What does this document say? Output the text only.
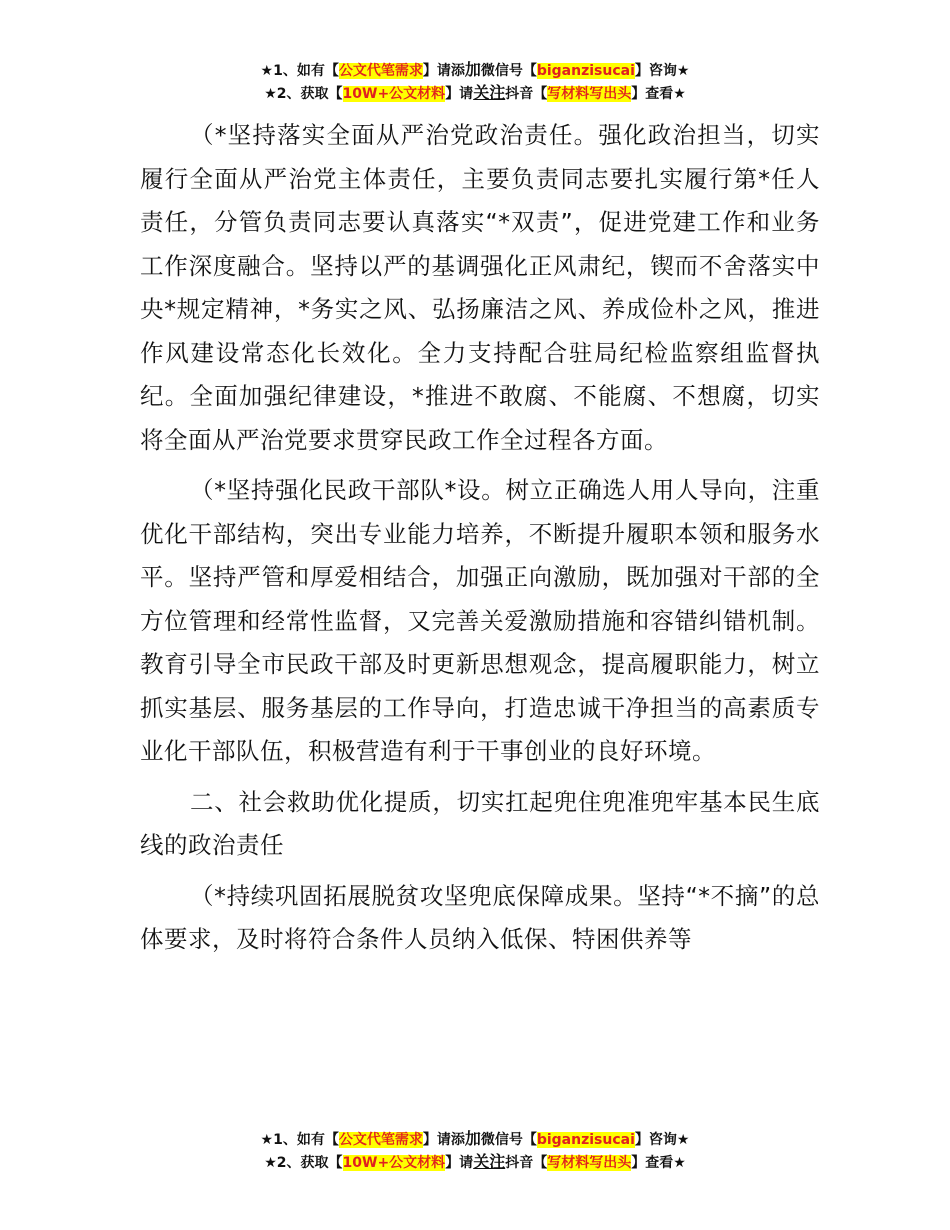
★1、如有【公文代笔需求】请添加微信号【biganzisucai】咨询★
★2、获取【10W+公文材料】请关注抖音【写材料写出头】查看★

（*坚持落实全面从严治党政治责任。强化政治担当，切实履行全面从严治党主体责任，主要负责同志要扎实履行第*任人责任，分管负责同志要认真落实“*双责”，促进党建工作和业务工作深度融合。坚持以严的基调强化正风肃纪，锲而不舍落实中央*规定精神，*务实之风、弘扬廉洁之风、养成俭朴之风，推进作风建设常态化长效化。全力支持配合驻局纪检监察组监督执纪。全面加强纪律建设，*推进不敢腐、不能腐、不想腐，切实将全面从严治党要求贯穿民政工作全过程各方面。

（*坚持强化民政干部队*设。树立正确选人用人导向，注重优化干部结构，突出专业能力培养，不断提升履职本领和服务水平。坚持严管和厚爱相结合，加强正向激励，既加强对干部的全方位管理和经常性监督，又完善关爱激励措施和容错纠错机制。教育引导全市民政干部及时更新思想观念，提高履职能力，树立抓实基层、服务基层的工作导向，打造忠诚干净担当的高素质专业化干部队伍，积极营造有利于干事创业的良好环境。

二、社会救助优化提质，切实扛起兜住兜准兜牢基本民生底线的政治责任

（*持续巩固拓展脱贫攻坚兜底保障成果。坚持“*不摘”的总体要求，及时将符合条件人员纳入低保、特困供养等

★1、如有【公文代笔需求】请添加微信号【biganzisucai】咨询★
★2、获取【10W+公文材料】请关注抖音【写材料写出头】查看★
